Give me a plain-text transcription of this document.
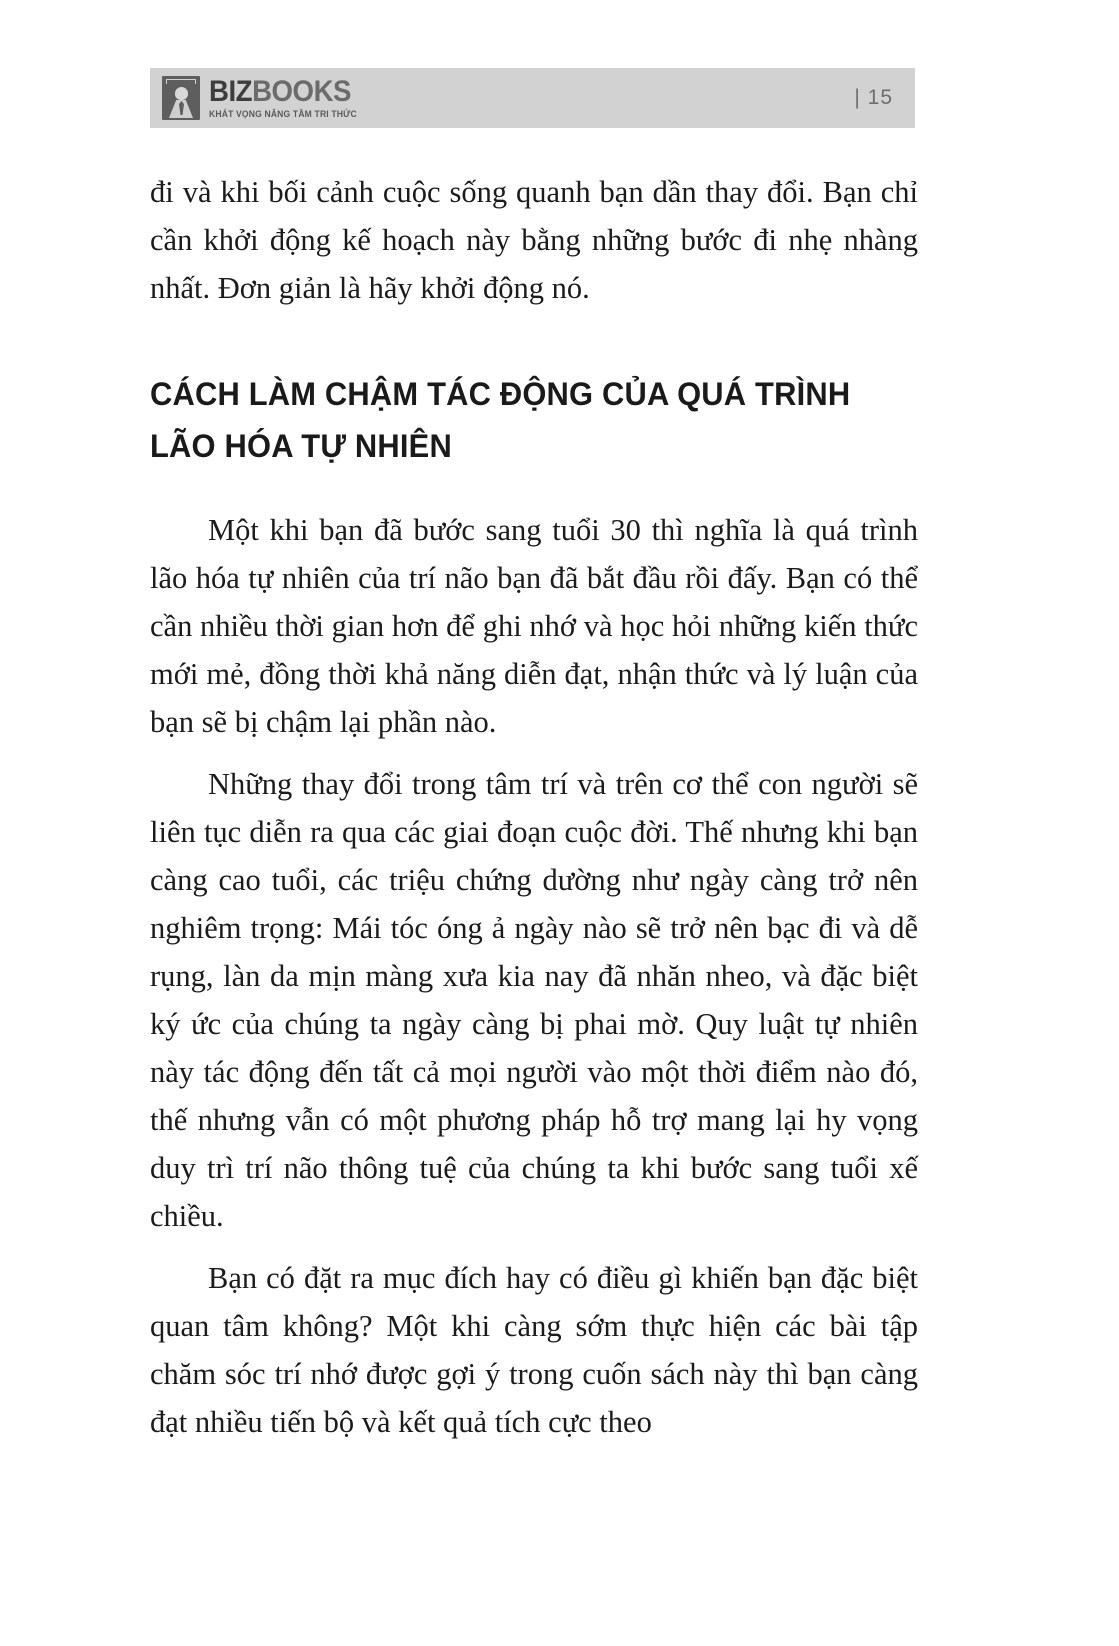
BIZBOOKS
KHÁT VỌNG NÂNG TẦM TRI THỨC
| 15

đi và khi bối cảnh cuộc sống quanh bạn dần thay đổi. Bạn chỉ cần khởi động kế hoạch này bằng những bước đi nhẹ nhàng nhất. Đơn giản là hãy khởi động nó.

CÁCH LÀM CHẬM TÁC ĐỘNG CỦA QUÁ TRÌNH LÃO HÓA TỰ NHIÊN

Một khi bạn đã bước sang tuổi 30 thì nghĩa là quá trình lão hóa tự nhiên của trí não bạn đã bắt đầu rồi đấy. Bạn có thể cần nhiều thời gian hơn để ghi nhớ và học hỏi những kiến thức mới mẻ, đồng thời khả năng diễn đạt, nhận thức và lý luận của bạn sẽ bị chậm lại phần nào.

Những thay đổi trong tâm trí và trên cơ thể con người sẽ liên tục diễn ra qua các giai đoạn cuộc đời. Thế nhưng khi bạn càng cao tuổi, các triệu chứng dường như ngày càng trở nên nghiêm trọng: Mái tóc óng ả ngày nào sẽ trở nên bạc đi và dễ rụng, làn da mịn màng xưa kia nay đã nhăn nheo, và đặc biệt ký ức của chúng ta ngày càng bị phai mờ. Quy luật tự nhiên này tác động đến tất cả mọi người vào một thời điểm nào đó, thế nhưng vẫn có một phương pháp hỗ trợ mang lại hy vọng duy trì trí não thông tuệ của chúng ta khi bước sang tuổi xế chiều.

Bạn có đặt ra mục đích hay có điều gì khiến bạn đặc biệt quan tâm không? Một khi càng sớm thực hiện các bài tập chăm sóc trí nhớ được gợi ý trong cuốn sách này thì bạn càng đạt nhiều tiến bộ và kết quả tích cực theo
